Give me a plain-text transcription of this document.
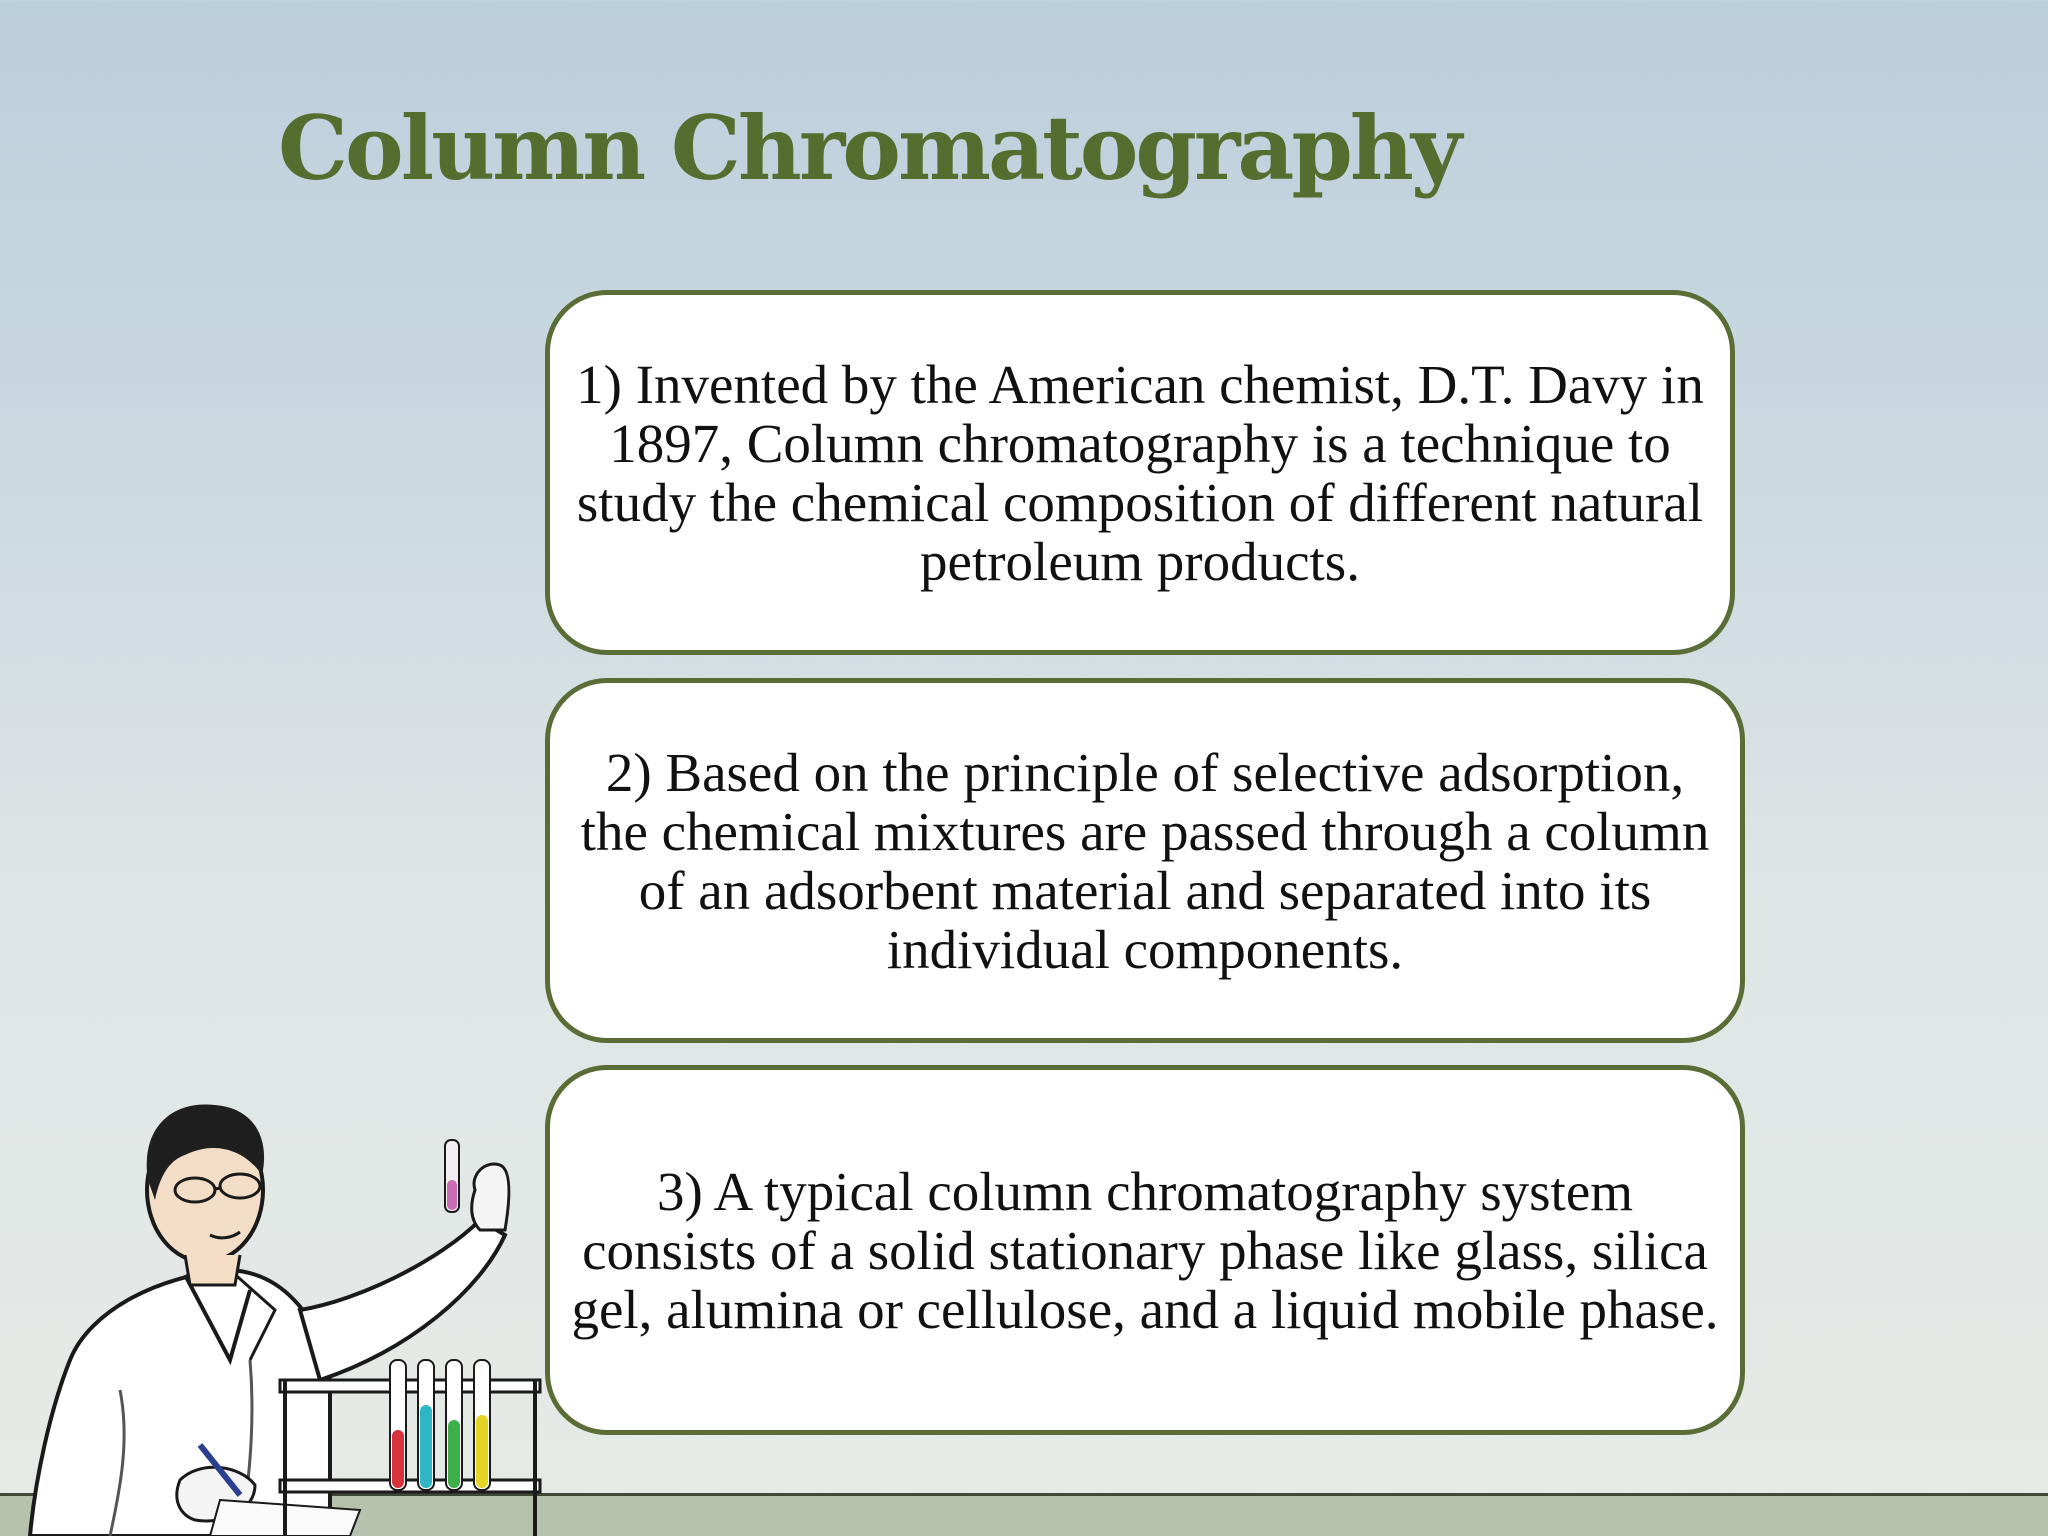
Column Chromatography

1) Invented by the American chemist, D.T. Davy in 1897, Column chromatography is a technique to study the chemical composition of different natural petroleum products.

2) Based on the principle of selective adsorption, the chemical mixtures are passed through a column of an adsorbent material and separated into its individual components.

3) A typical column chromatography system consists of a solid stationary phase like glass, silica gel, alumina or cellulose, and a liquid mobile phase.
